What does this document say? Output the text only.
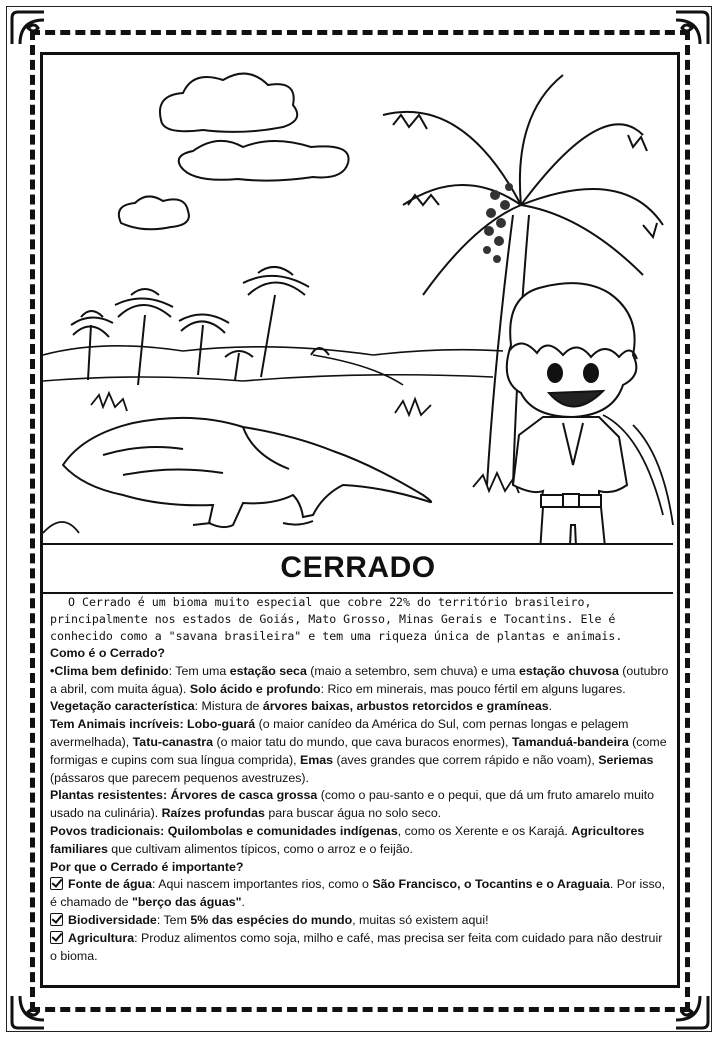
CERRADO

O Cerrado é um bioma muito especial que cobre 22% do território brasileiro, principalmente nos estados de Goiás, Mato Grosso, Minas Gerais e Tocantins. Ele é conhecido como a "savana brasileira" e tem uma riqueza única de plantas e animais.

Como é o Cerrado?

•Clima bem definido: Tem uma estação seca (maio a setembro, sem chuva) e uma estação chuvosa (outubro a abril, com muita água). Solo ácido e profundo: Rico em minerais, mas pouco fértil em alguns lugares. Vegetação característica: Mistura de árvores baixas, arbustos retorcidos e gramíneas.

Tem Animais incríveis: Lobo-guará (o maior canídeo da América do Sul, com pernas longas e pelagem avermelhada), Tatu-canastra (o maior tatu do mundo, que cava buracos enormes), Tamanduá-bandeira (come formigas e cupins com sua língua comprida), Emas (aves grandes que correm rápido e não voam), Seriemas (pássaros que parecem pequenos avestruzes).

Plantas resistentes: Árvores de casca grossa (como o pau-santo e o pequi, que dá um fruto amarelo muito usado na culinária). Raízes profundas para buscar água no solo seco.

Povos tradicionais: Quilombolas e comunidades indígenas, como os Xerente e os Karajá. Agricultores familiares que cultivam alimentos típicos, como o arroz e o feijão.

Por que o Cerrado é importante?

Fonte de água: Aqui nascem importantes rios, como o São Francisco, o Tocantins e o Araguaia. Por isso, é chamado de "berço das águas".

Biodiversidade: Tem 5% das espécies do mundo, muitas só existem aqui!

Agricultura: Produz alimentos como soja, milho e café, mas precisa ser feita com cuidado para não destruir o bioma.
